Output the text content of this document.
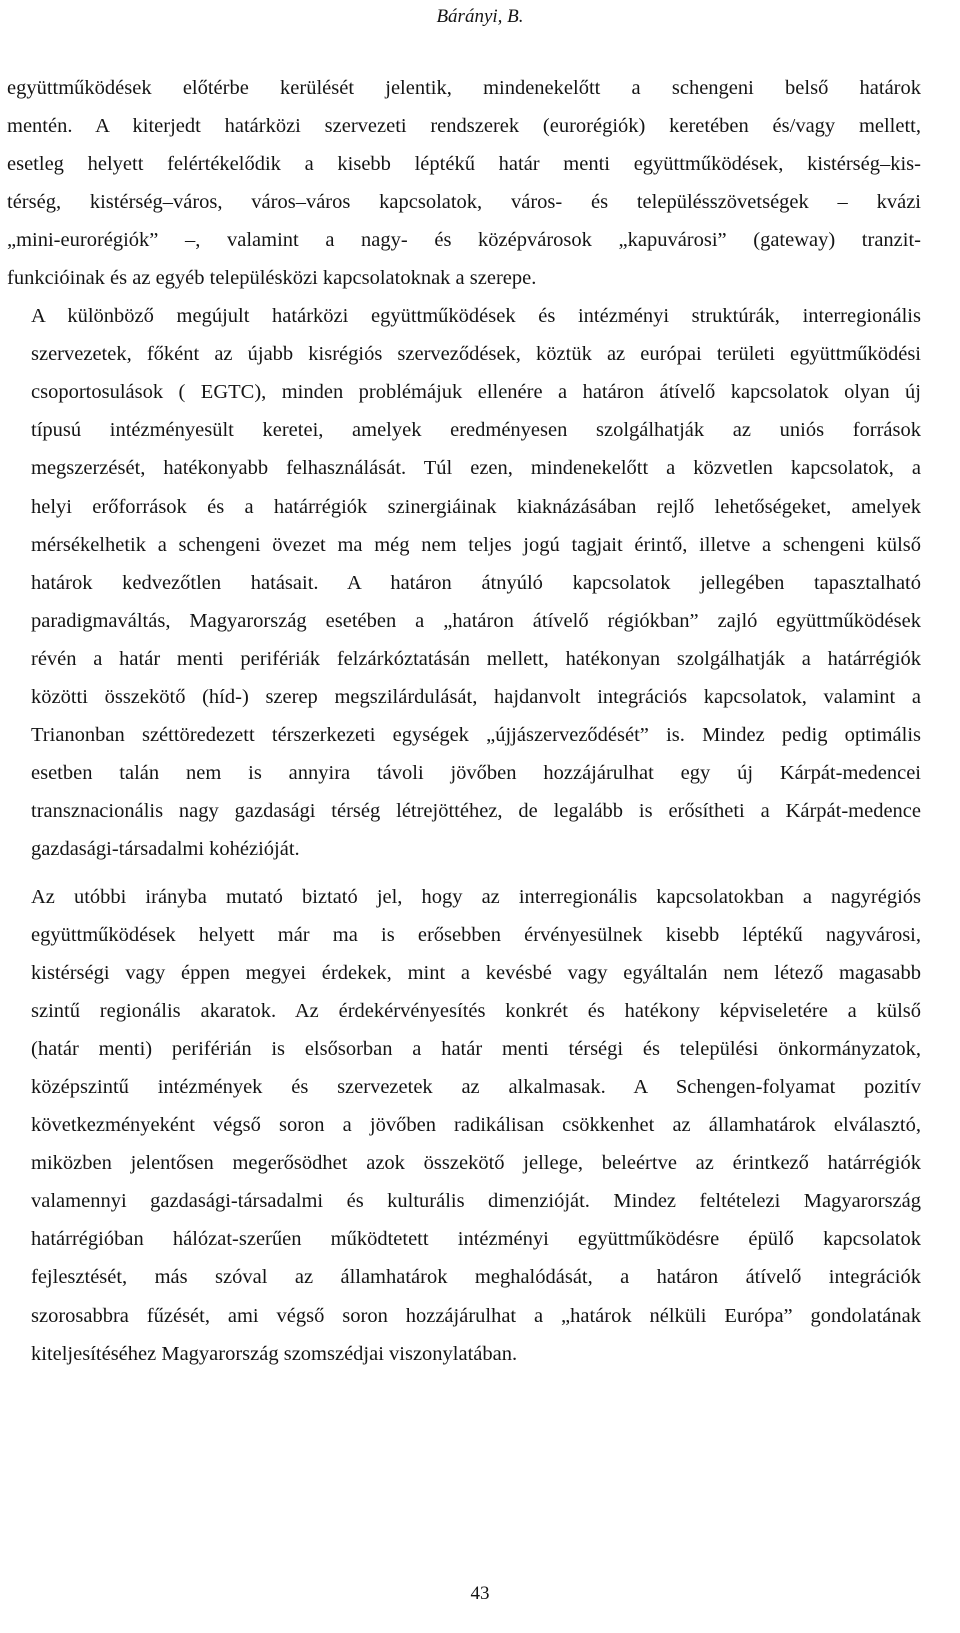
Bárányi, B.

együttműködések előtérbe kerülését jelentik, mindenekelőtt a schengeni belső határok
mentén. A kiterjedt határközi szervezeti rendszerek (eurorégiók) keretében és/vagy mellett,
esetleg helyett felértékelődik a kisebb léptékű határ menti együttműködések, kistérség–kis-
térség, kistérség–város, város–város kapcsolatok, város- és településszövetségek – kvázi
„mini-eurorégiók” –, valamint a nagy- és középvárosok „kapuvárosi” (gateway) tranzit-
funkcióinak és az egyéb településközi kapcsolatoknak a szerepe.

A különböző megújult határközi együttműködések és intézményi struktúrák, interregionális
szervezetek, főként az újabb kisrégiós szerveződések, köztük az európai területi együttműködési
csoportosulások ( EGTC), minden problémájuk ellenére a határon átívelő kapcsolatok olyan új
típusú intézményesült keretei, amelyek eredményesen szolgálhatják az uniós források
megszerzését, hatékonyabb felhasználását. Túl ezen, mindenekelőtt a közvetlen kapcsolatok, a
helyi erőforrások és a határrégiók szinergiáinak kiaknázásában rejlő lehetőségeket, amelyek
mérsékelhetik a schengeni övezet ma még nem teljes jogú tagjait érintő, illetve a schengeni külső
határok kedvezőtlen hatásait. A határon átnyúló kapcsolatok jellegében tapasztalható
paradigmaváltás, Magyarország esetében a „határon átívelő régiókban” zajló együttműködések
révén a határ menti perifériák felzárkóztatásán mellett, hatékonyan szolgálhatják a határrégiók
közötti összekötő (híd-) szerep megszilárdulását, hajdanvolt integrációs kapcsolatok, valamint a
Trianonban széttöredezett térszerkezeti egységek „újjászerveződését” is. Mindez pedig optimális
esetben talán nem is annyira távoli jövőben hozzájárulhat egy új Kárpát-medencei
transznacionális nagy gazdasági térség létrejöttéhez, de legalább is erősítheti a Kárpát-medence
gazdasági-társadalmi kohézióját.

Az utóbbi irányba mutató biztató jel, hogy az interregionális kapcsolatokban a nagyrégiós
együttműködések helyett már ma is erősebben érvényesülnek kisebb léptékű nagyvárosi,
kistérségi vagy éppen megyei érdekek, mint a kevésbé vagy egyáltalán nem létező magasabb
szintű regionális akaratok. Az érdekérvényesítés konkrét és hatékony képviseletére a külső
(határ menti) periférián is elsősorban a határ menti térségi és települési önkormányzatok,
középszintű intézmények és szervezetek az alkalmasak. A Schengen-folyamat pozitív
következményeként végső soron a jövőben radikálisan csökkenhet az államhatárok elválasztó,
miközben jelentősen megerősödhet azok összekötő jellege, beleértve az érintkező határrégiók
valamennyi gazdasági-társadalmi és kulturális dimenzióját. Mindez feltételezi Magyarország
határrégióban hálózat-szerűen működtetett intézményi együttműködésre épülő kapcsolatok
fejlesztését, más szóval az államhatárok meghalódását, a határon átívelő integrációk
szorosabbra fűzését, ami végső soron hozzájárulhat a „határok nélküli Európa” gondolatának
kiteljesítéséhez Magyarország szomszédjai viszonylatában.

43
